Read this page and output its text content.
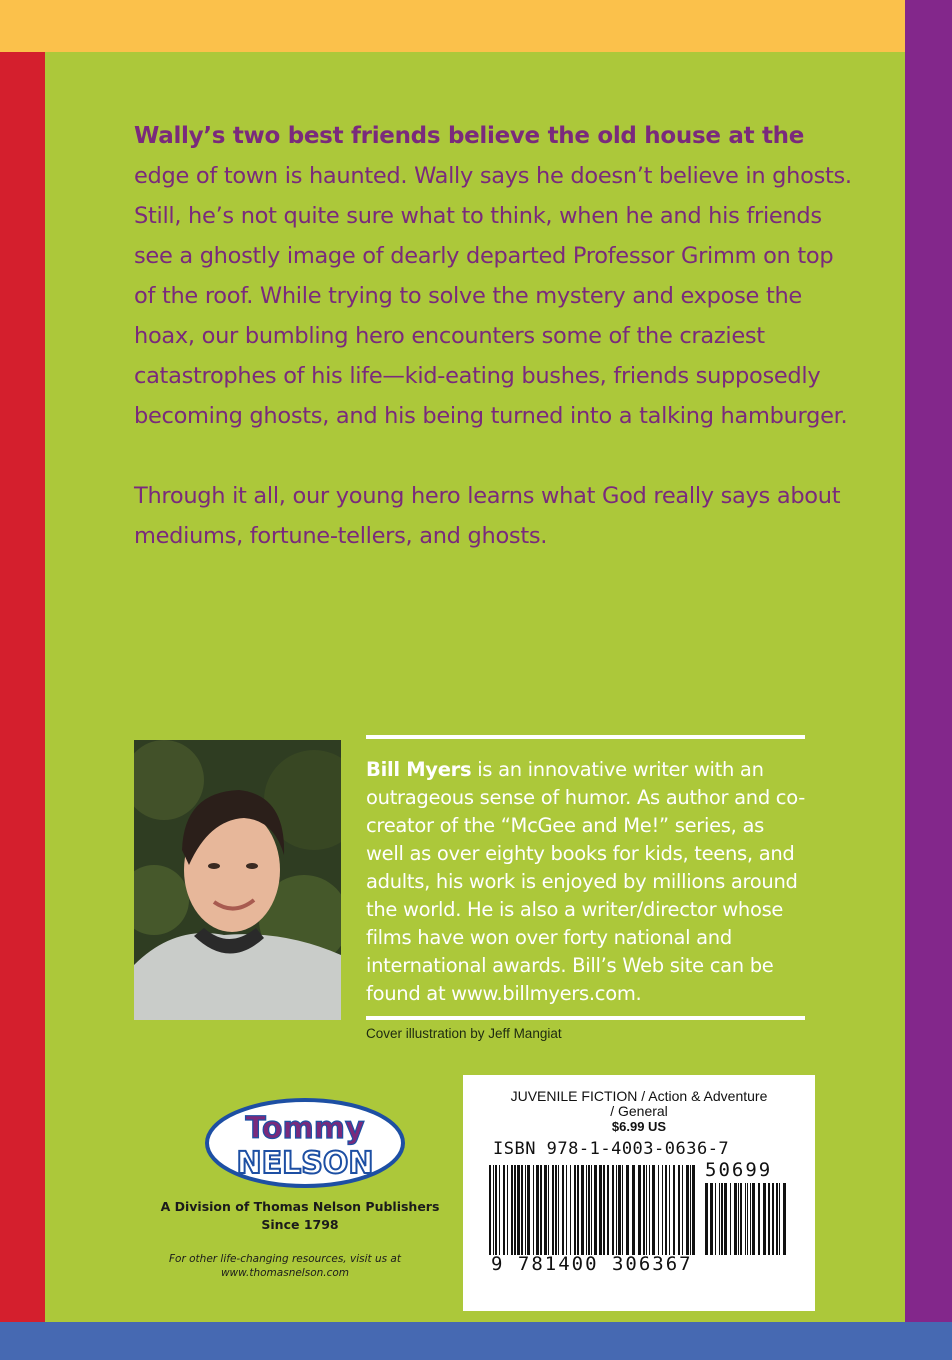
Wally’s two best friends believe the old house at the edge of town is haunted. Wally says he doesn’t believe in ghosts. Still, he’s not quite sure what to think, when he and his friends see a ghostly image of dearly departed Professor Grimm on top of the roof. While trying to solve the mystery and expose the hoax, our bumbling hero encounters some of the craziest catastrophes of his life—kid-eating bushes, friends supposedly becoming ghosts, and his being turned into a talking hamburger.

Through it all, our young hero learns what God really says about mediums, fortune-tellers, and ghosts.

Bill Myers is an innovative writer with an outrageous sense of humor. As author and co-creator of the “McGee and Me!” series, as well as over eighty books for kids, teens, and adults, his work is enjoyed by millions around the world. He is also a writer/director whose films have won over forty national and international awards. Bill’s Web site can be found at www.billmyers.com.
Cover illustration by Jeff Mangiat
Tommy
NELSON
A Division of Thomas Nelson Publishers
Since 1798
For other life-changing resources, visit us at
www.thomasnelson.com
JUVENILE FICTION / Action & Adventure
/ General
$6.99 US
ISBN 978-1-4003-0636-7
50699
9 781400 306367
